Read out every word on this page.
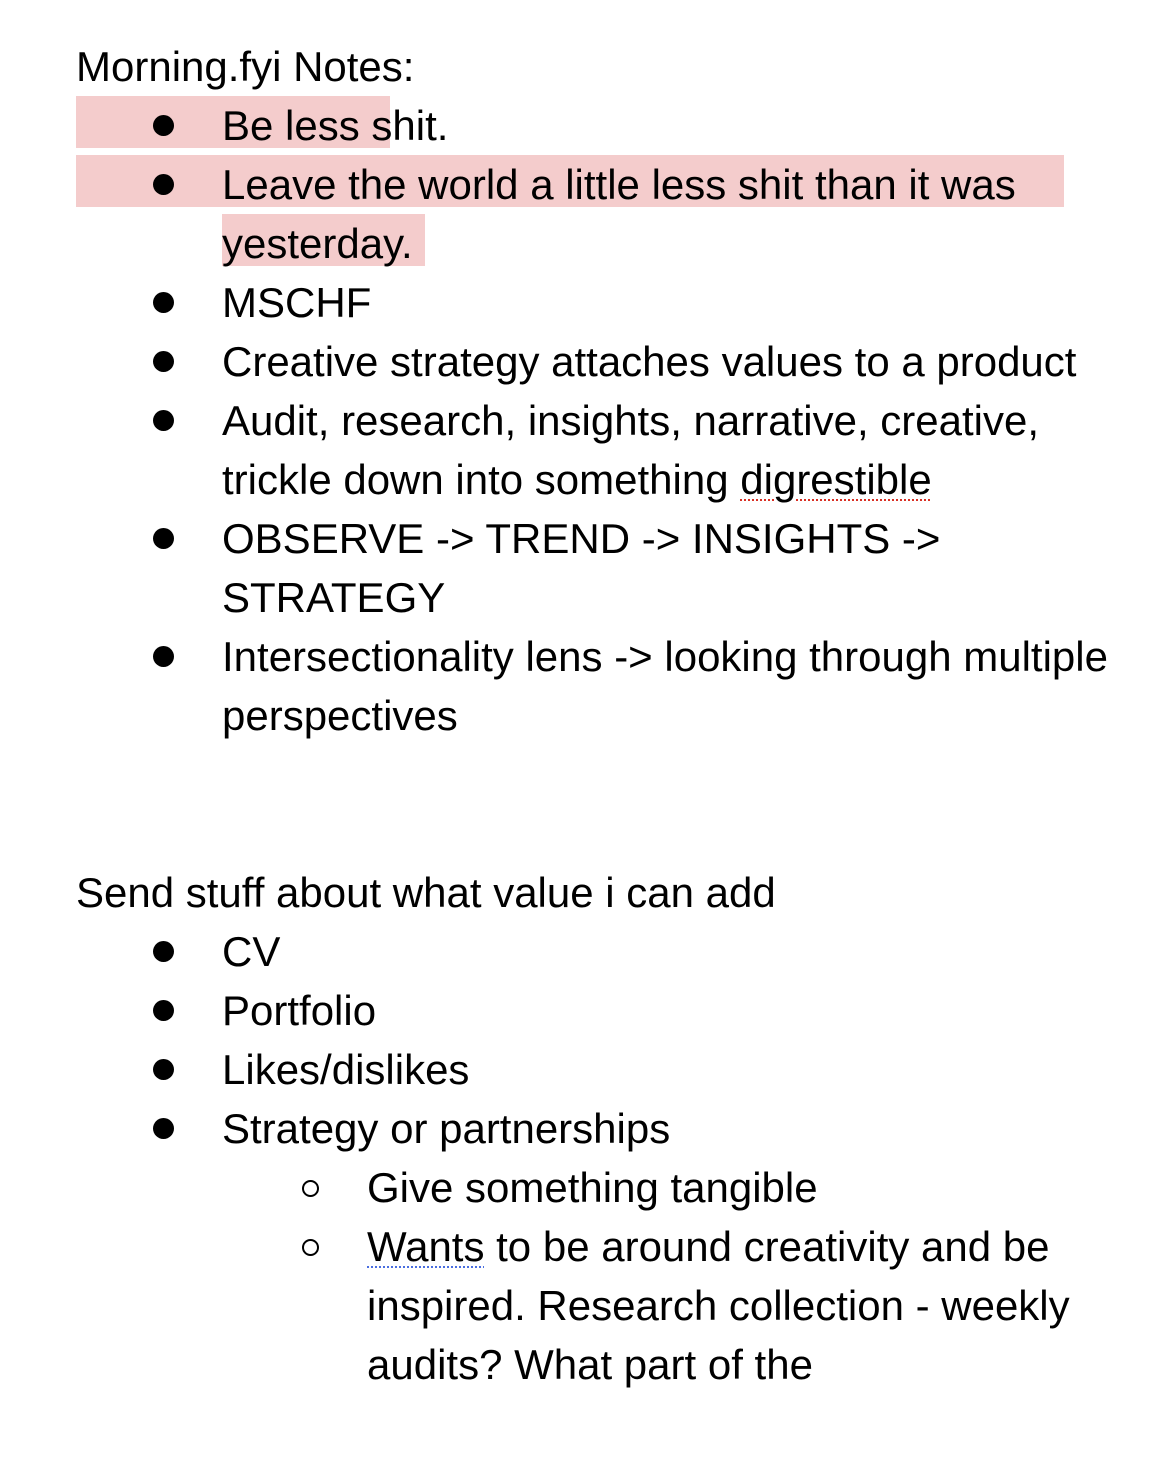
Morning.fyi Notes:
Be less shit.
Leave the world a little less shit than it was yesterday.
MSCHF
Creative strategy attaches values to a product
Audit, research, insights, narrative, creative, trickle down into something digrestible
OBSERVE -> TREND -> INSIGHTS -> STRATEGY
Intersectionality lens -> looking through multiple perspectives
Send stuff about what value i can add
CV
Portfolio
Likes/dislikes
Strategy or partnerships
Give something tangible
Wants to be around creativity and be inspired. Research collection - weekly audits? What part of the
